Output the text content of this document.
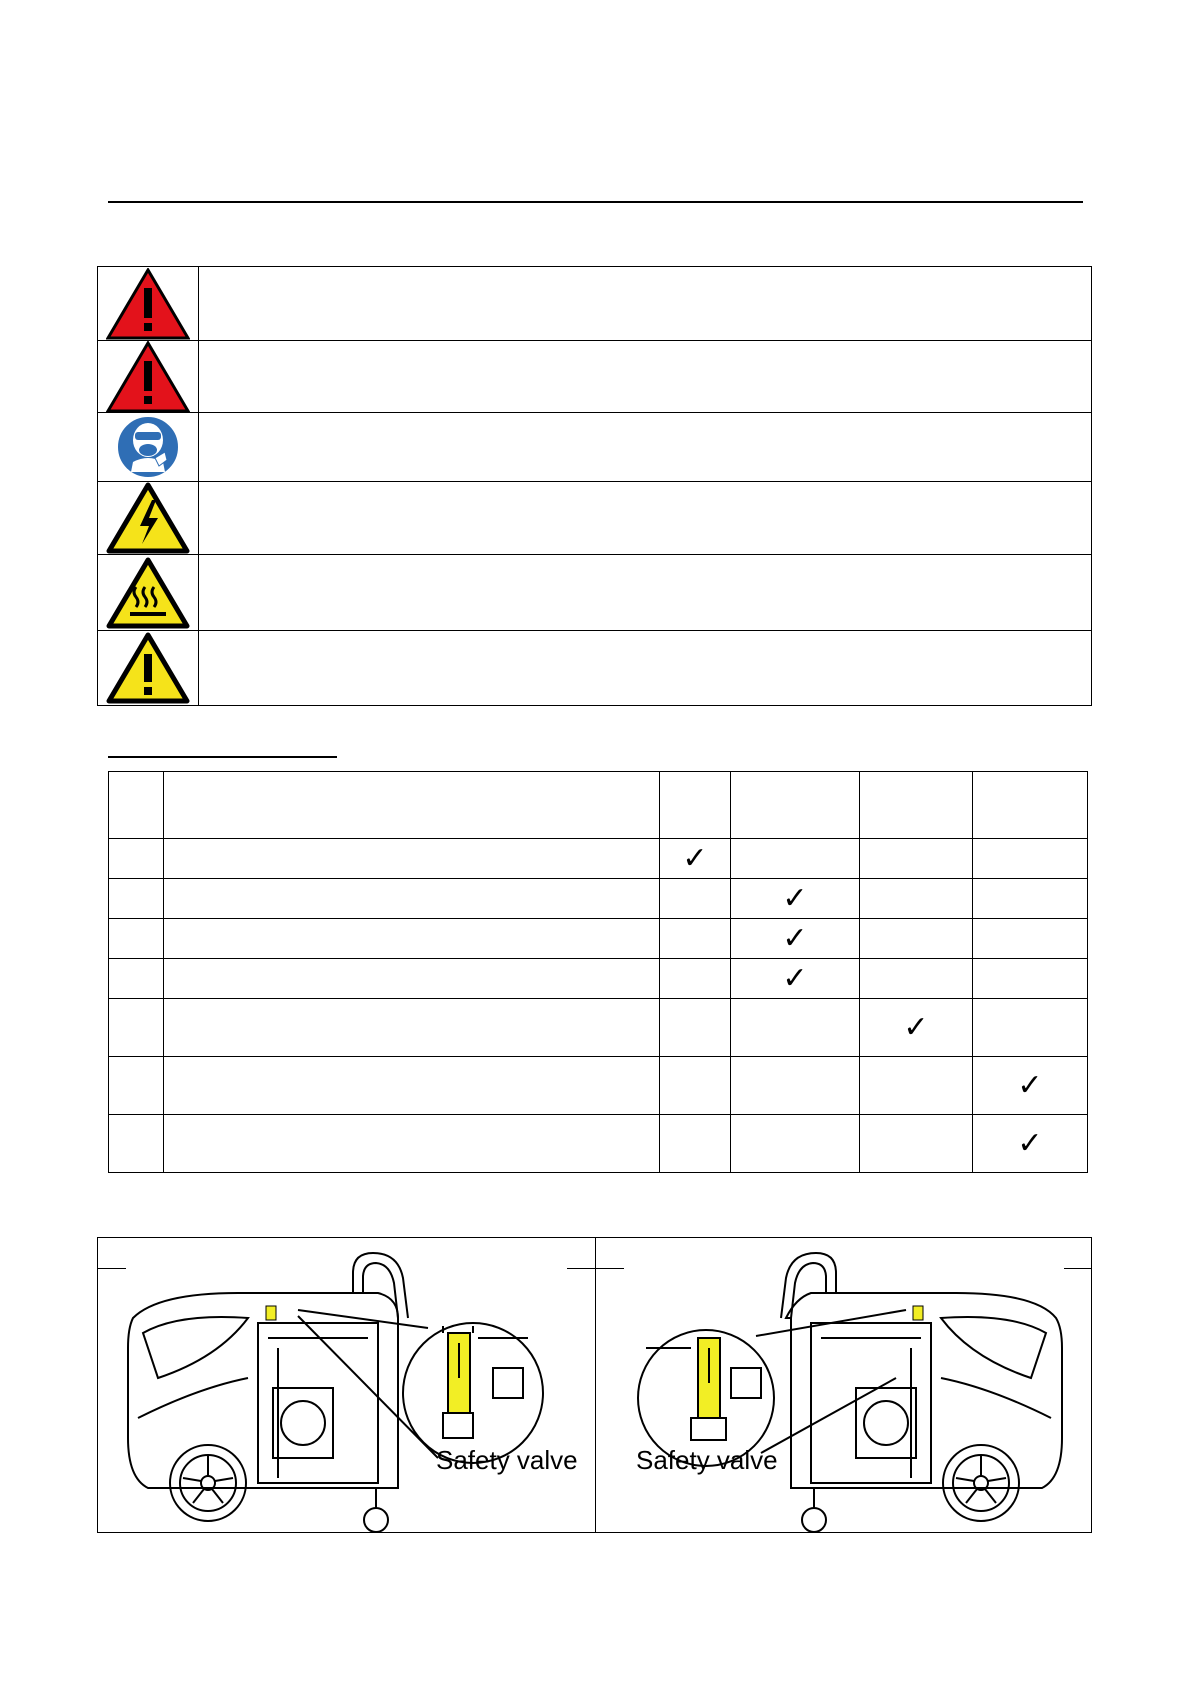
		✓			
			✓		
			✓		
			✓		
				✓	
					✓
					✓
Safety valve Safety valve
